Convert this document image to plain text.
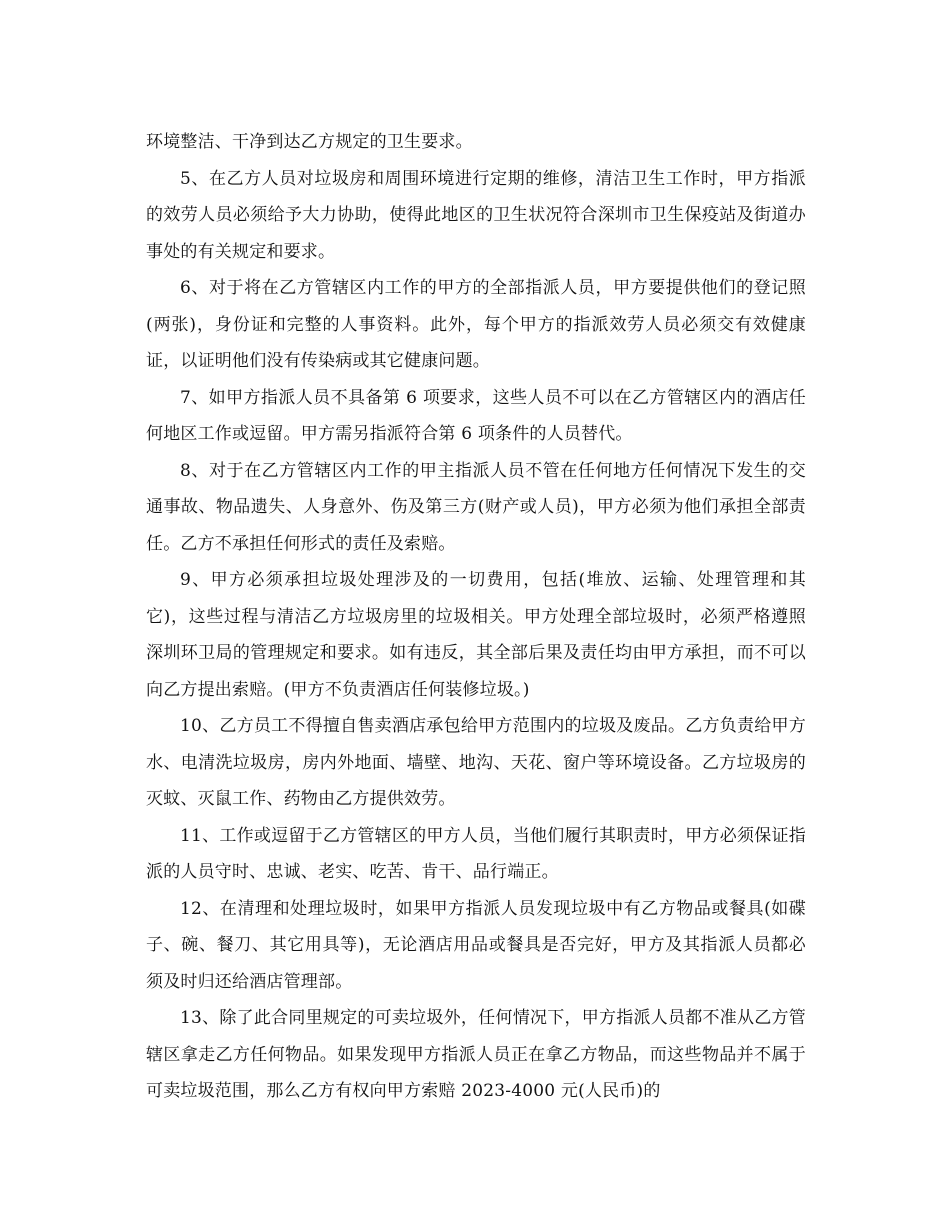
环境整洁、干净到达乙方规定的卫生要求。

5、在乙方人员对垃圾房和周围环境进行定期的维修，清洁卫生工作时，甲方指派的效劳人员必须给予大力协助，使得此地区的卫生状况符合深圳市卫生保疫站及街道办事处的有关规定和要求。

6、对于将在乙方管辖区内工作的甲方的全部指派人员，甲方要提供他们的登记照(两张)，身份证和完整的人事资料。此外，每个甲方的指派效劳人员必须交有效健康证，以证明他们没有传染病或其它健康问题。

7、如甲方指派人员不具备第 6 项要求，这些人员不可以在乙方管辖区内的酒店任何地区工作或逗留。甲方需另指派符合第 6 项条件的人员替代。

8、对于在乙方管辖区内工作的甲主指派人员不管在任何地方任何情况下发生的交通事故、物品遗失、人身意外、伤及第三方(财产或人员)，甲方必须为他们承担全部责任。乙方不承担任何形式的责任及索赔。

9、甲方必须承担垃圾处理涉及的一切费用，包括(堆放、运输、处理管理和其它)，这些过程与清洁乙方垃圾房里的垃圾相关。甲方处理全部垃圾时，必须严格遵照深圳环卫局的管理规定和要求。如有违反，其全部后果及责任均由甲方承担，而不可以向乙方提出索赔。(甲方不负责酒店任何装修垃圾。)

10、乙方员工不得擅自售卖酒店承包给甲方范围内的垃圾及废品。乙方负责给甲方水、电清洗垃圾房，房内外地面、墙壁、地沟、天花、窗户等环境设备。乙方垃圾房的灭蚊、灭鼠工作、药物由乙方提供效劳。

11、工作或逗留于乙方管辖区的甲方人员，当他们履行其职责时，甲方必须保证指派的人员守时、忠诚、老实、吃苦、肯干、品行端正。

12、在清理和处理垃圾时，如果甲方指派人员发现垃圾中有乙方物品或餐具(如碟子、碗、餐刀、其它用具等)，无论酒店用品或餐具是否完好，甲方及其指派人员都必须及时归还给酒店管理部。

13、除了此合同里规定的可卖垃圾外，任何情况下，甲方指派人员都不准从乙方管辖区拿走乙方任何物品。如果发现甲方指派人员正在拿乙方物品，而这些物品并不属于可卖垃圾范围，那么乙方有权向甲方索赔 2023-4000 元(人民币)的
